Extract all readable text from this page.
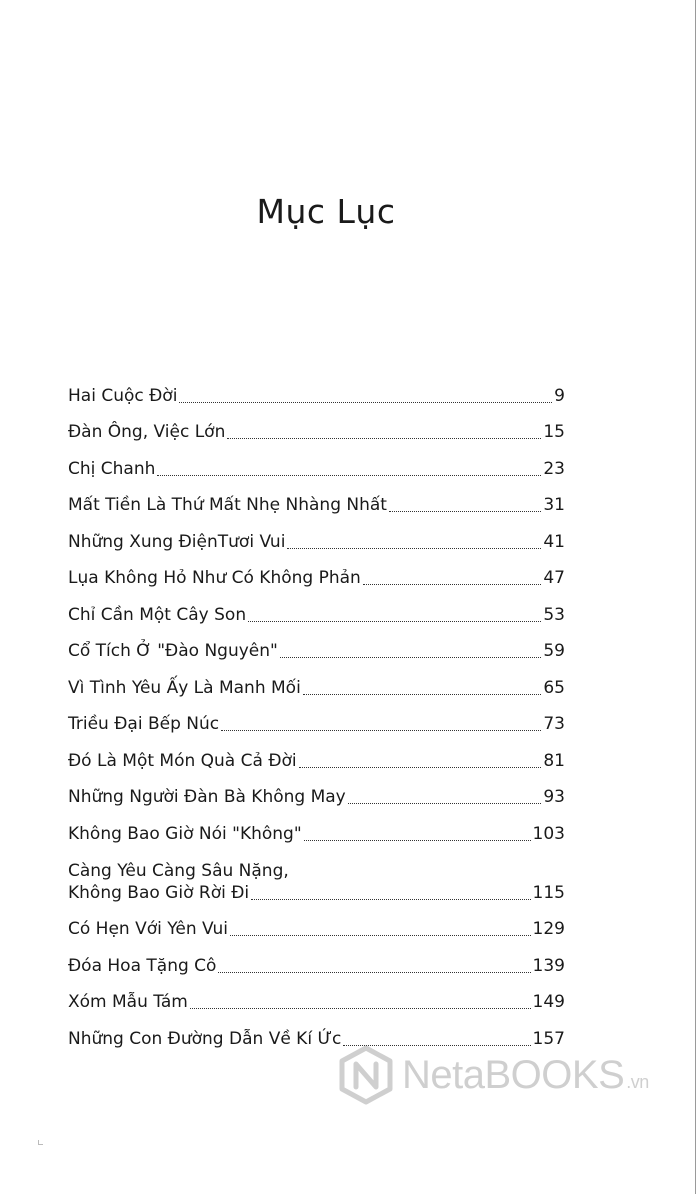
Mục Lục
Hai Cuộc Đời	9
Đàn Ông, Việc Lớn	15
Chị Chanh	23
Mất Tiền Là Thứ Mất Nhẹ Nhàng Nhất	31
Những Xung ĐiệnTươi Vui	41
Lụa Không Hỏ Như Có Không Phản	47
Chỉ Cần Một Cây Son	53
Cổ Tích Ở "Đào Nguyên"	59
Vì Tình Yêu Ấy Là Manh Mối	65
Triều Đại Bếp Núc	73
Đó Là Một Món Quà Cả Đời	81
Những Người Đàn Bà Không May	93
Không Bao Giờ Nói "Không"	103
Càng Yêu Càng Sâu Nặng,
Không Bao Giờ Rời Đi	115
Có Hẹn Với Yên Vui	129
Đóa Hoa Tặng Cô	139
Xóm Mẫu Tám	149
Những Con Đường Dẫn Về Kí Ức	157
NetaBOOKS .vn
